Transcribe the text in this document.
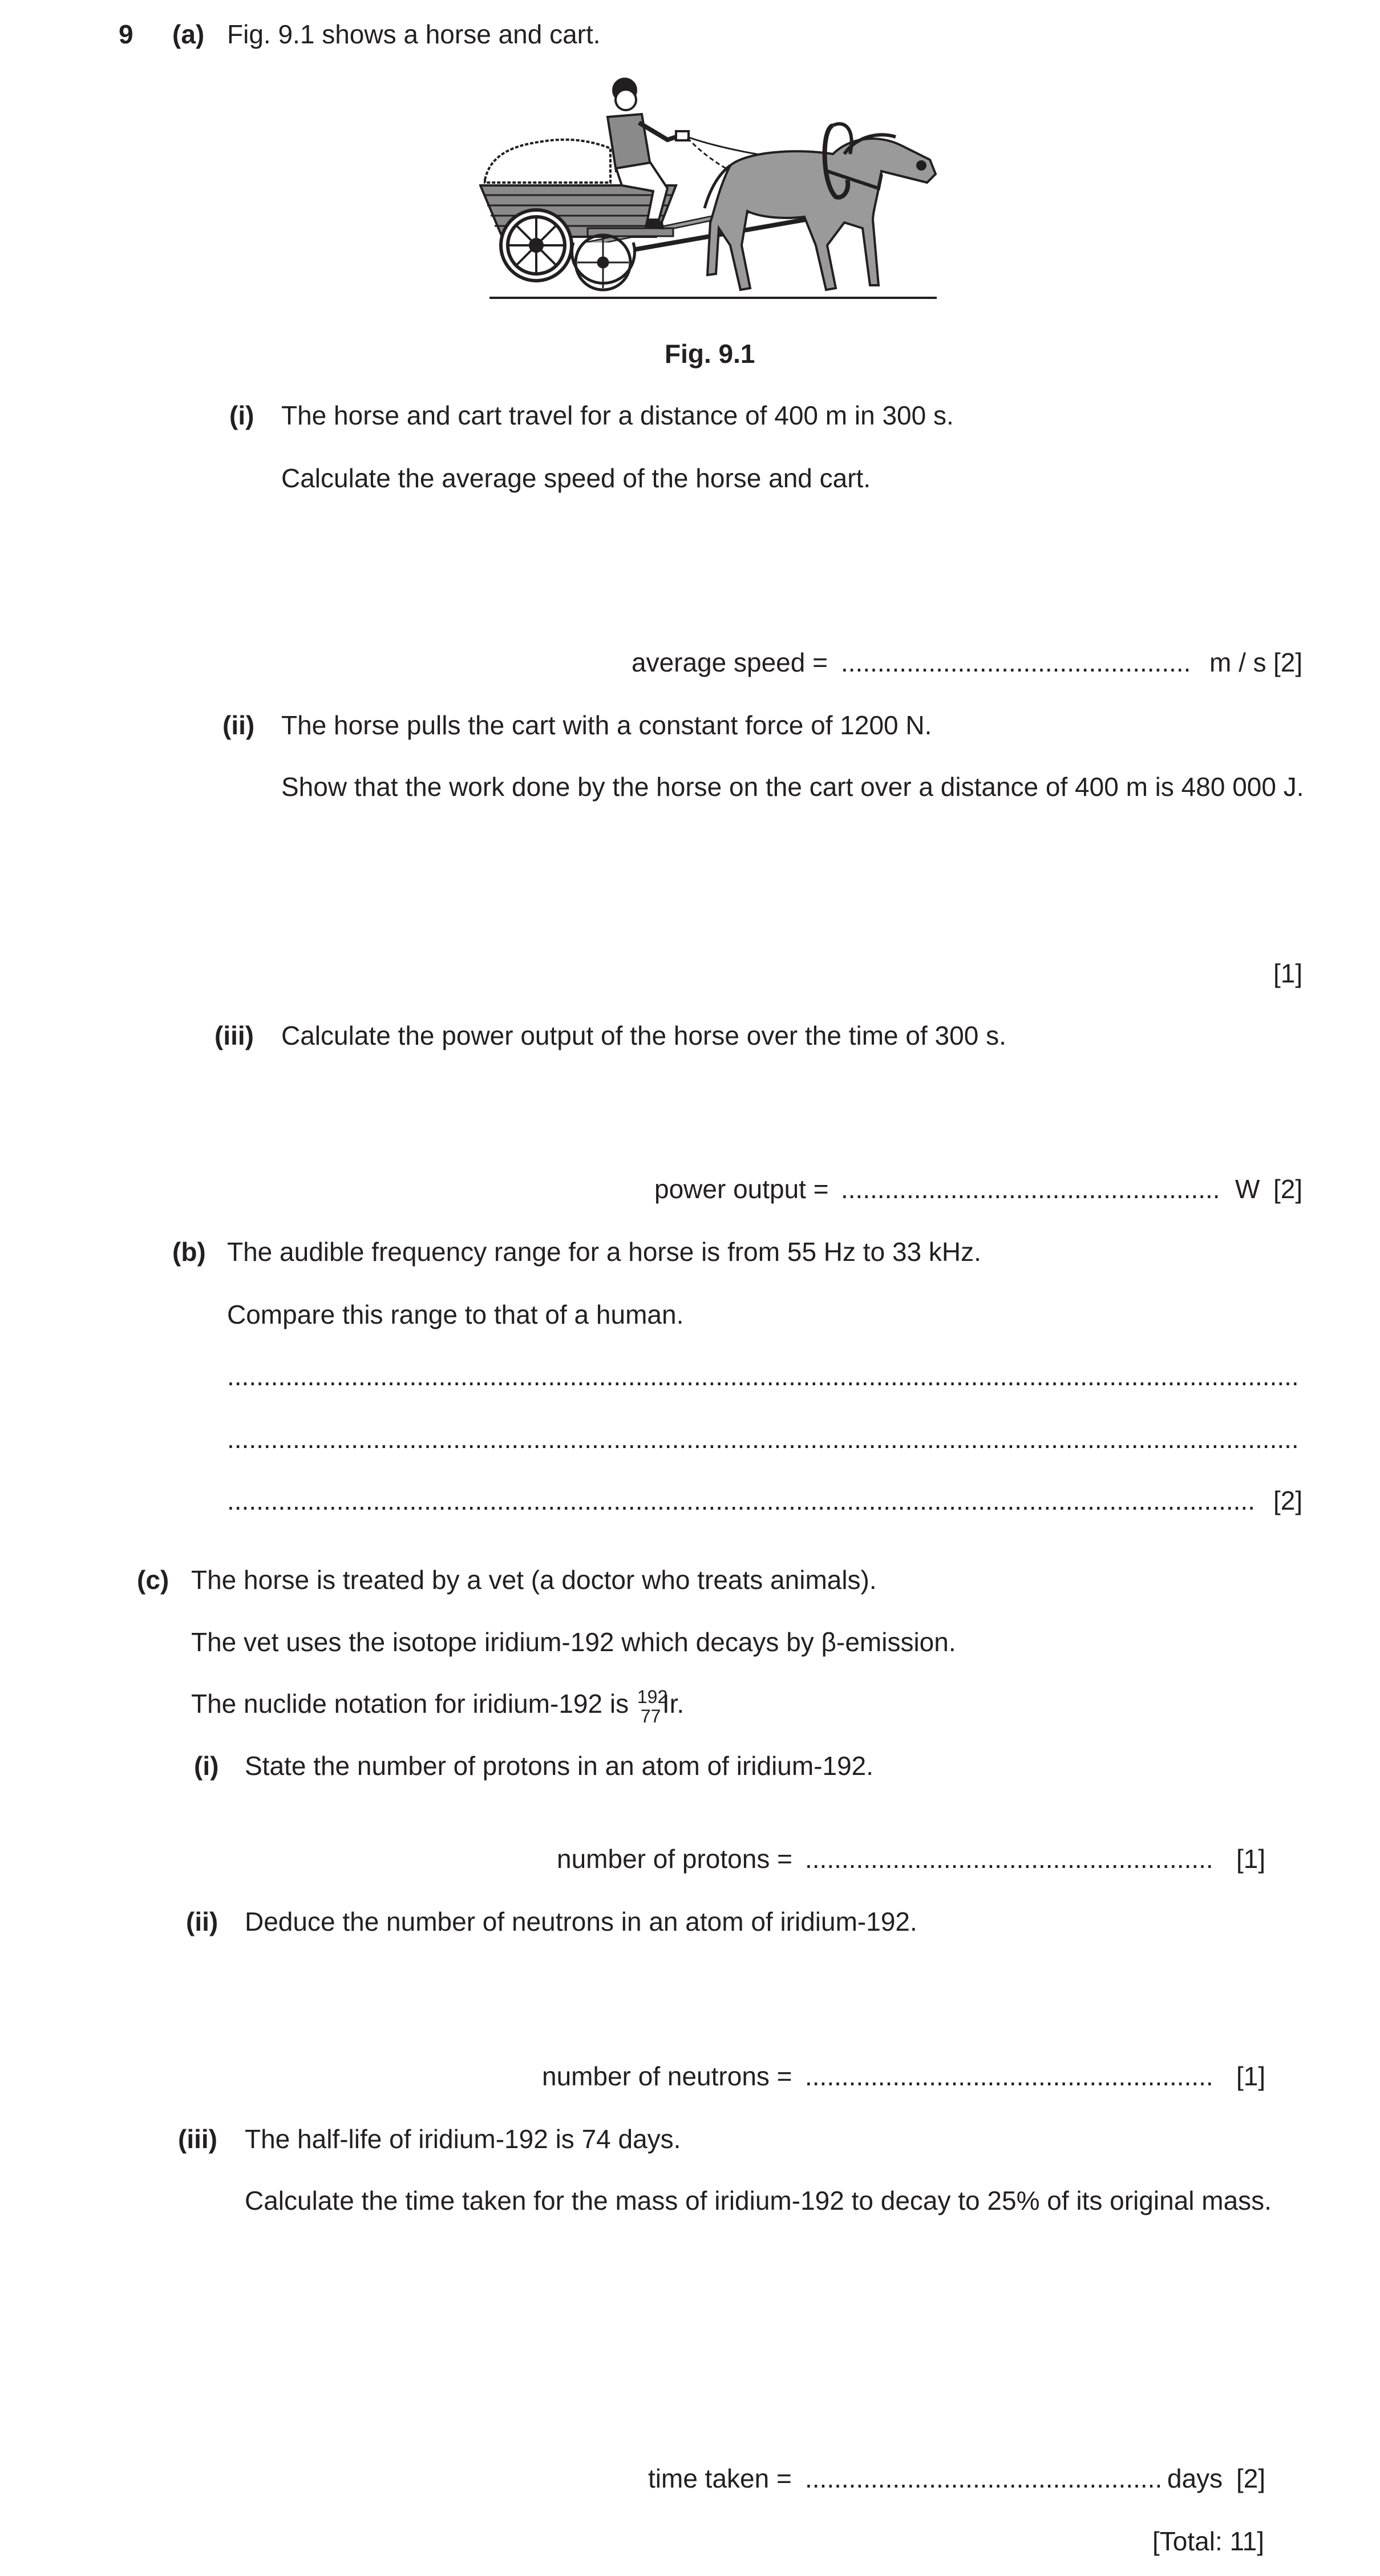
9 (a) Fig. 9.1 shows a horse and cart.
Fig. 9.1
(i) The horse and cart travel for a distance of 400 m in 300 s.
Calculate the average speed of the horse and cart.
average speed = ................................................ m / s [2]
(ii) The horse pulls the cart with a constant force of 1200 N.
Show that the work done by the horse on the cart over a distance of 400 m is 480 000 J.
[1]
(iii) Calculate the power output of the horse over the time of 300 s.
power output = .................................................... W [2]
(b) The audible frequency range for a horse is from 55 Hz to 33 kHz.
Compare this range to that of a human.
...................................................................................................................................................
...................................................................................................................................................
............................................................................................................................................. [2]
(c) The horse is treated by a vet (a doctor who treats animals).
The vet uses the isotope iridium-192 which decays by β-emission.
The nuclide notation for iridium-192 is 192
77 Ir.
(i) State the number of protons in an atom of iridium-192.
number of protons = ........................................................ [1]
(ii) Deduce the number of neutrons in an atom of iridium-192.
number of neutrons = ........................................................ [1]
(iii) The half-life of iridium-192 is 74 days.
Calculate the time taken for the mass of iridium-192 to decay to 25% of its original mass.
time taken = ................................................. days [2]
[Total: 11]
